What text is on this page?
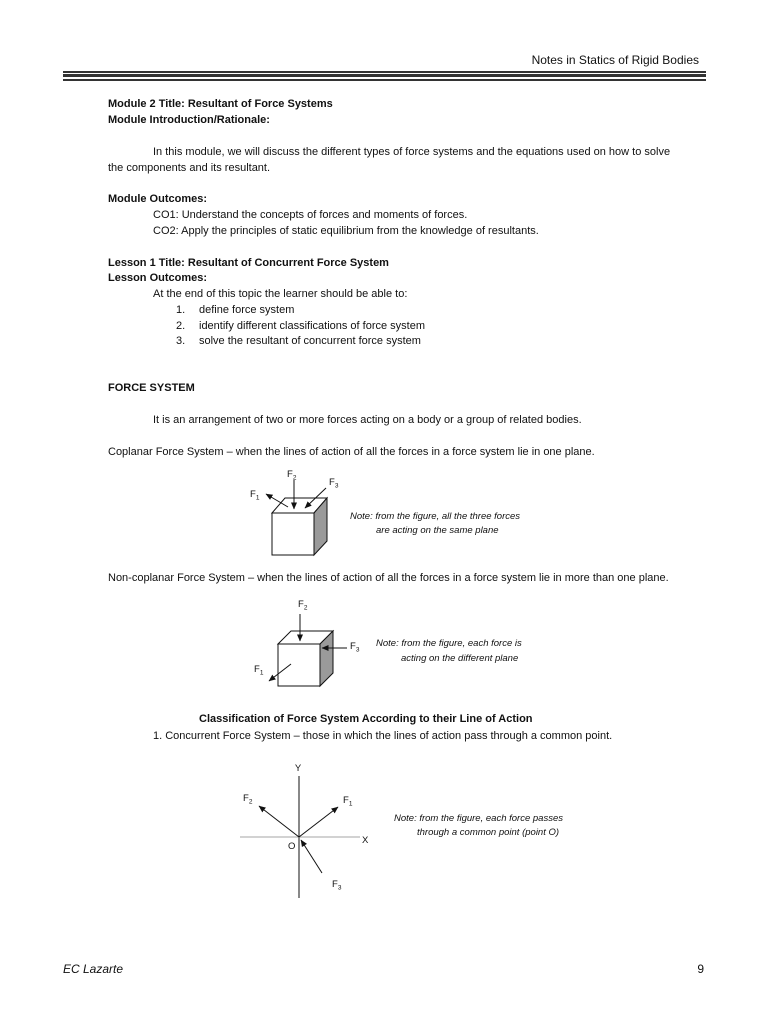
Notes in Statics of Rigid Bodies
Module 2 Title: Resultant of Force Systems
Module Introduction/Rationale:
In this module, we will discuss the different types of force systems and the equations used on how to solve
the components and its resultant.
Module Outcomes:
CO1: Understand the concepts of forces and moments of forces.
CO2: Apply the principles of static equilibrium from the knowledge of resultants.
Lesson 1 Title: Resultant of Concurrent Force System
Lesson Outcomes:
At the end of this topic the learner should be able to:
1. define force system
2. identify different classifications of force system
3. solve the resultant of concurrent force system
FORCE SYSTEM
It is an arrangement of two or more forces acting on a body or a group of related bodies.
Coplanar Force System – when the lines of action of all the forces in a force system lie in one plane.
$F_1$
$F_2$	$F_3$
Note: from the figure, all the three forces
are acting on the same plane
Non-coplanar Force System – when the lines of action of all the forces in a force system lie in more than one plane.
$F_1$
$F_2$
$F_3$
Note: from the figure, each force is
acting on the different plane
Classification of Force System According to their Line of Action
1. Concurrent Force System – those in which the lines of action pass through a common point.
Y
X
O
$F_1$
$F_2$
$F_3$
Note: from the figure, each force passes
through a common point (point O)
EC Lazarte	9
